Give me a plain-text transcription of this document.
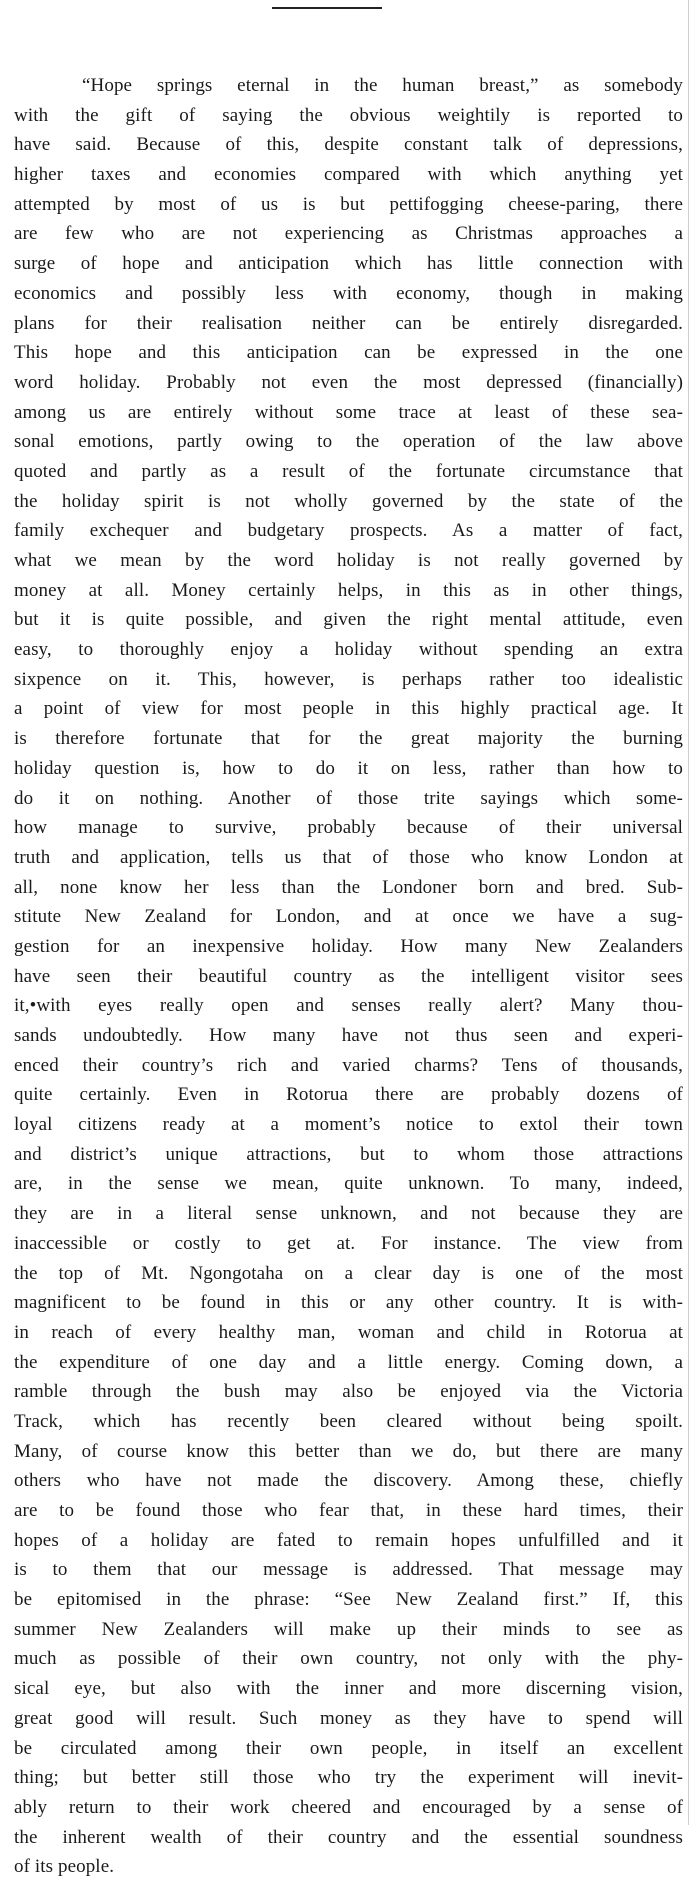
“Hope springs eternal in the human breast,” as somebody
with the gift of saying the obvious weightily is reported to
have said. Because of this, despite constant talk of depressions,
higher taxes and economies compared with which anything yet
attempted by most of us is but pettifogging cheese-paring, there
are few who are not experiencing as Christmas approaches a
surge of hope and anticipation which has little connection with
economics and possibly less with economy, though in making
plans for their realisation neither can be entirely disregarded.
This hope and this anticipation can be expressed in the one
word holiday. Probably not even the most depressed (financially)
among us are entirely without some trace at least of these sea-
sonal emotions, partly owing to the operation of the law above
quoted and partly as a result of the fortunate circumstance that
the holiday spirit is not wholly governed by the state of the
family exchequer and budgetary prospects. As a matter of fact,
what we mean by the word holiday is not really governed by
money at all. Money certainly helps, in this as in other things,
but it is quite possible, and given the right mental attitude, even
easy, to thoroughly enjoy a holiday without spending an extra
sixpence on it. This, however, is perhaps rather too idealistic
a point of view for most people in this highly practical age. It
is therefore fortunate that for the great majority the burning
holiday question is, how to do it on less, rather than how to
do it on nothing. Another of those trite sayings which some-
how manage to survive, probably because of their universal
truth and application, tells us that of those who know London at
all, none know her less than the Londoner born and bred. Sub-
stitute New Zealand for London, and at once we have a sug-
gestion for an inexpensive holiday. How many New Zealanders
have seen their beautiful country as the intelligent visitor sees
it,•with eyes really open and senses really alert? Many thou-
sands undoubtedly. How many have not thus seen and experi-
enced their country’s rich and varied charms? Tens of thousands,
quite certainly. Even in Rotorua there are probably dozens of
loyal citizens ready at a moment’s notice to extol their town
and district’s unique attractions, but to whom those attractions
are, in the sense we mean, quite unknown. To many, indeed,
they are in a literal sense unknown, and not because they are
inaccessible or costly to get at. For instance. The view from
the top of Mt. Ngongotaha on a clear day is one of the most
magnificent to be found in this or any other country. It is with-
in reach of every healthy man, woman and child in Rotorua at
the expenditure of one day and a little energy. Coming down, a
ramble through the bush may also be enjoyed via the Victoria
Track, which has recently been cleared without being spoilt.
Many, of course know this better than we do, but there are many
others who have not made the discovery. Among these, chiefly
are to be found those who fear that, in these hard times, their
hopes of a holiday are fated to remain hopes unfulfilled and it
is to them that our message is addressed. That message may
be epitomised in the phrase: “See New Zealand first.” If, this
summer New Zealanders will make up their minds to see as
much as possible of their own country, not only with the phy-
sical eye, but also with the inner and more discerning vision,
great good will result. Such money as they have to spend will
be circulated among their own people, in itself an excellent
thing; but better still those who try the experiment will inevit-
ably return to their work cheered and encouraged by a sense of
the inherent wealth of their country and the essential soundness
of its people.
